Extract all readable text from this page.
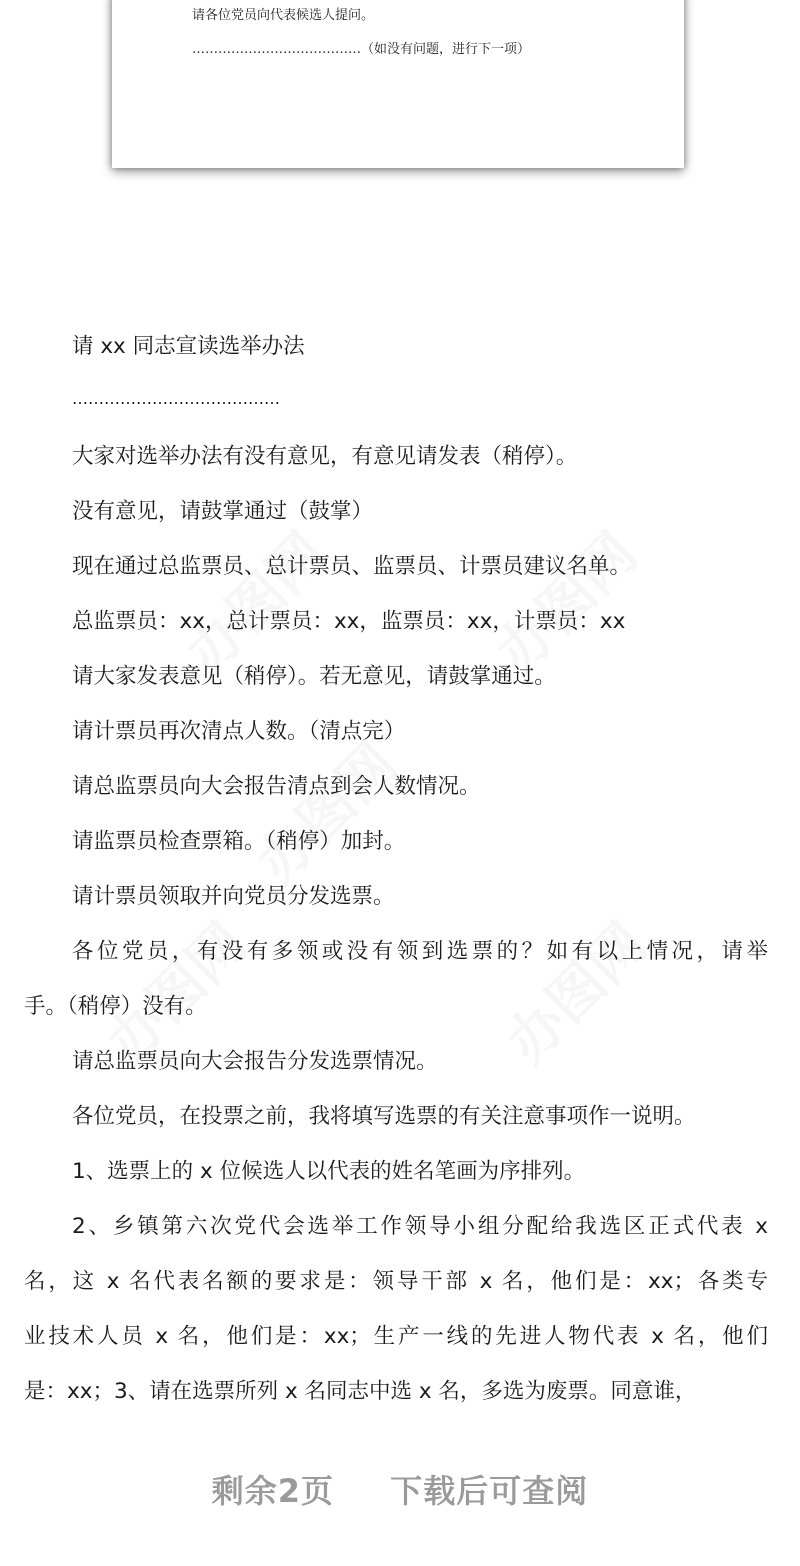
请各位党员向代表候选人提问。
…………………………………（如没有问题，进行下一项）
请 xx 同志宣读选举办法
…………………………………
大家对选举办法有没有意见，有意见请发表（稍停）。
没有意见，请鼓掌通过（鼓掌）
现在通过总监票员、总计票员、监票员、计票员建议名单。
总监票员：xx，总计票员：xx，监票员：xx，计票员：xx
请大家发表意见（稍停）。若无意见，请鼓掌通过。
请计票员再次清点人数。（清点完）
请总监票员向大会报告清点到会人数情况。
请监票员检查票箱。（稍停）加封。
请计票员领取并向党员分发选票。
各位党员，有没有多领或没有领到选票的？如有以上情况，请举
手。（稍停）没有。
请总监票员向大会报告分发选票情况。
各位党员，在投票之前，我将填写选票的有关注意事项作一说明。
1、选票上的 x 位候选人以代表的姓名笔画为序排列。
2、乡镇第六次党代会选举工作领导小组分配给我选区正式代表 x
名，这 x 名代表名额的要求是：领导干部 x 名，他们是：xx；各类专
业技术人员 x 名，他们是：xx；生产一线的先进人物代表 x 名，他们
是：xx；3、请在选票所列 x 名同志中选 x 名，多选为废票。同意谁，
剩余2页 下载后可查阅
